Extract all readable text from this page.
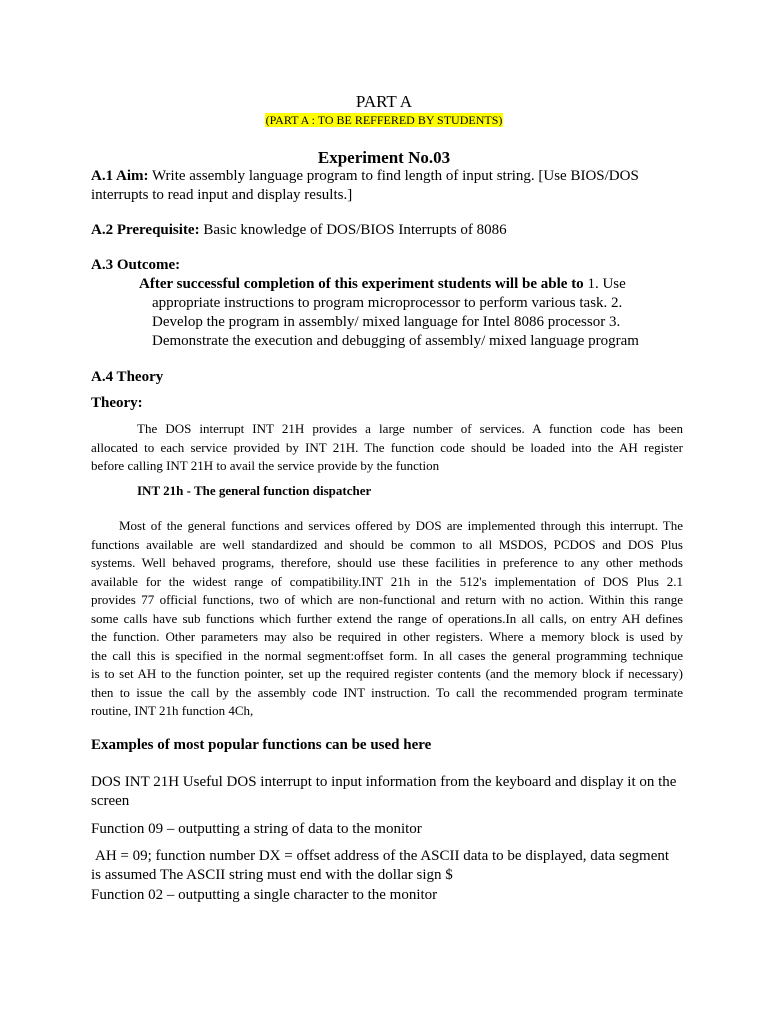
PART A
(PART A : TO BE REFFERED BY STUDENTS)
Experiment No.03
A.1 Aim: Write assembly language program to find length of input string. [Use BIOS/DOS
interrupts to read input and display results.]
A.2 Prerequisite: Basic knowledge of DOS/BIOS Interrupts of 8086
A.3 Outcome:
After successful completion of this experiment students will be able to 1. Use
appropriate instructions to program microprocessor to perform various task. 2.
Develop the program in assembly/ mixed language for Intel 8086 processor 3.
Demonstrate the execution and debugging of assembly/ mixed language program
A.4 Theory
Theory:
The DOS interrupt INT 21H provides a large number of services. A function code has been
allocated to each service provided by INT 21H. The function code should be loaded into the AH register
before calling INT 21H to avail the service provide by the function
INT 21h - The general function dispatcher
Most of the general functions and services offered by DOS are implemented through this interrupt. The
functions available are well standardized and should be common to all MSDOS, PCDOS and DOS Plus
systems. Well behaved programs, therefore, should use these facilities in preference to any other methods
available for the widest range of compatibility.INT 21h in the 512's implementation of DOS Plus 2.1
provides 77 official functions, two of which are non-functional and return with no action. Within this range
some calls have sub functions which further extend the range of operations.In all calls, on entry AH defines
the function. Other parameters may also be required in other registers. Where a memory block is used by
the call this is specified in the normal segment:offset form. In all cases the general programming technique
is to set AH to the function pointer, set up the required register contents (and the memory block if necessary)
then to issue the call by the assembly code INT instruction. To call the recommended program terminate
routine, INT 21h function 4Ch,
Examples of most popular functions can be used here
DOS INT 21H Useful DOS interrupt to input information from the keyboard and display it on the
screen
Function 09 – outputting a string of data to the monitor
AH = 09; function number DX = offset address of the ASCII data to be displayed, data segment
is assumed The ASCII string must end with the dollar sign $
Function 02 – outputting a single character to the monitor
